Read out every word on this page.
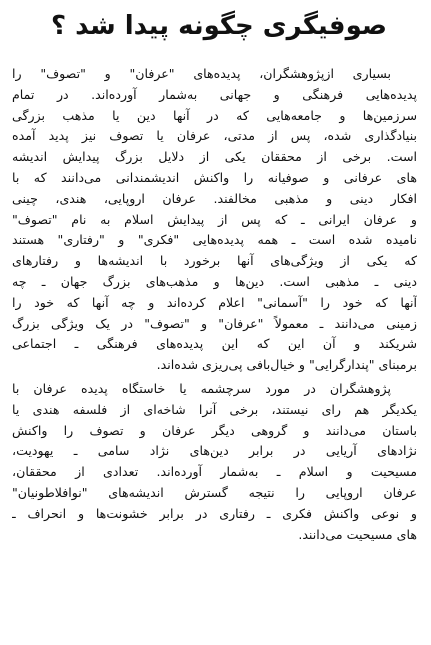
صوفیگری چگونه پیدا شد ؟
بسیاری ازپژوهشگران، پدیده‌های "عرفان" و "تصوف" را
پدیده‌هایی فرهنگی و جهانی به‌شمار آورده‌اند. در تمام
سرزمین‌ها و جامعه‌هایی که در آنها دین یا مذهب بزرگی
بنیادگذاری شده، پس از مدتی، عرفان یا تصوف نیز پدید آمده
است. برخی از محققان یکی از دلایل بزرگ پیدایش اندیشه
های عرفانی و صوفیانه را واکنش اندیشمندانی می‌دانند که با
افکار دینی و مذهبی مخالفند. عرفان اروپایی، هندی، چینی
و عرفان ایرانی ـ که پس از پیدایش اسلام به نام "تصوف"
نامیده شده است ـ همه پدیده‌هایی "فکری" و "رفتاری" هستند
که یکی از ویژگی‌های آنها برخورد با اندیشه‌ها و رفتارهای
دینی ـ مذهبی است. دین‌ها و مذهب‌های بزرگ جهان ـ چه
آنها که خود را "آسمانی" اعلام کرده‌اند و چه آنها که خود را
زمینی می‌دانند ـ معمولاً "عرفان" و "تصوف" در یک ویژگی بزرگ
شریکند و آن این که این پدیده‌های فرهنگی ـ اجتماعی
برمبنای "پندارگرایی" و خیال‌بافی پی‌ریزی شده‌اند.
پژوهشگران در مورد سرچشمه یا خاستگاه پدیده عرفان با
یکدیگر هم رای نیستند، برخی آنرا شاخه‌ای از فلسفه هندی یا
باستان می‌دانند و گروهی دیگر عرفان و تصوف را واکنش
نژادهای آریایی در برابر دین‌های نژاد سامی ـ یهودیت،
مسیحیت و اسلام ـ به‌شمار آورده‌اند. تعدادی از محققان،
عرفان اروپایی را نتیجه گسترش اندیشه‌های "نوافلاطونیان"
و نوعی واکنش فکری ـ رفتاری در برابر خشونت‌ها و انحراف ـ
های مسیحیت می‌دانند.
